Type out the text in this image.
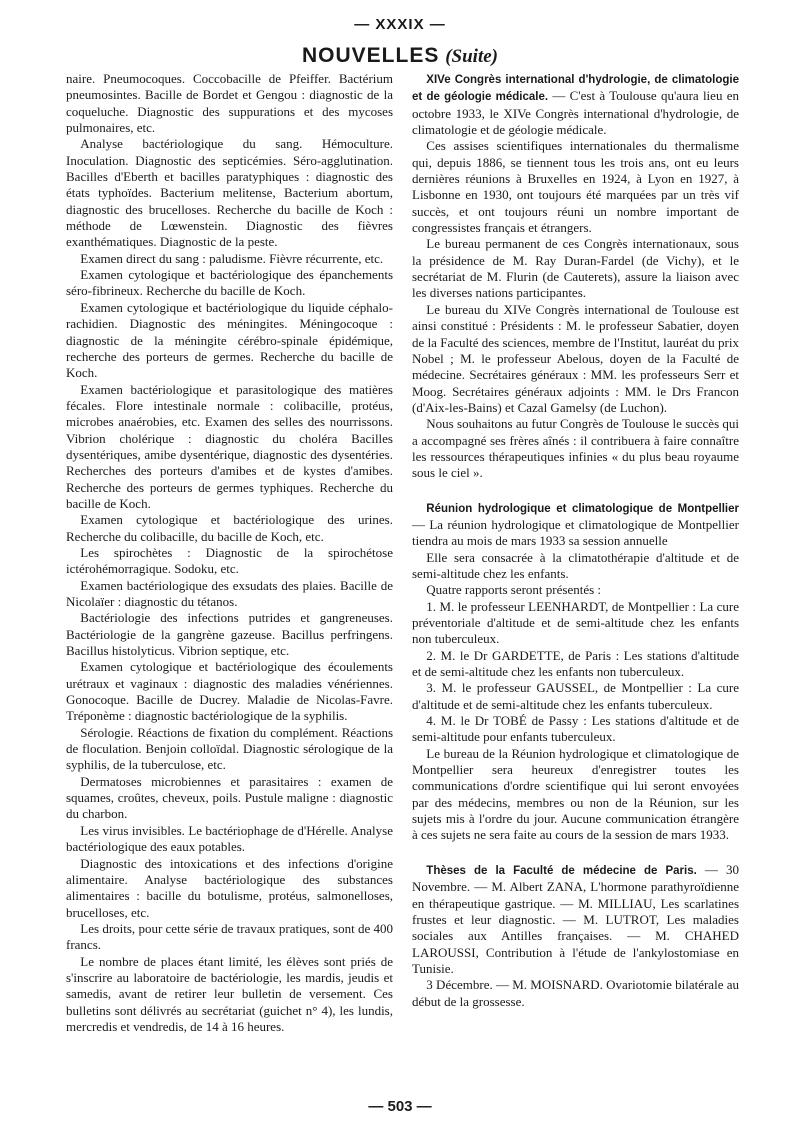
— XXXIX —
NOUVELLES (Suite)

naire. Pneumocoques. Coccobacille de Pfeiffer. Bactérium pneumosintes. Bacille de Bordet et Gengou : diagnostic de la coqueluche. Diagnostic des suppurations et des mycoses pulmonaires, etc.

Analyse bactériologique du sang. Hémoculture. Inoculation. Diagnostic des septicémies. Séro-agglutination. Bacilles d'Eberth et bacilles paratyphiques : diagnostic des états typhoïdes. Bacterium melitense, Bacterium abortum, diagnostic des brucelloses. Recherche du bacille de Koch : méthode de Lœwenstein. Diagnostic des fièvres exanthématiques. Diagnostic de la peste.

Examen direct du sang : paludisme. Fièvre récurrente, etc.

Examen cytologique et bactériologique des épanchements séro-fibrineux. Recherche du bacille de Koch.

Examen cytologique et bactériologique du liquide céphalo-rachidien. Diagnostic des méningites. Méningocoque : diagnostic de la méningite cérébro-spinale épidémique, recherche des porteurs de germes. Recherche du bacille de Koch.

Examen bactériologique et parasitologique des matières fécales. Flore intestinale normale : colibacille, protéus, microbes anaérobies, etc. Examen des selles des nourrissons. Vibrion cholérique : diagnostic du choléra Bacilles dysentériques, amibe dysentérique, diagnostic des dysentéries. Recherches des porteurs d'amibes et de kystes d'amibes. Recherche des porteurs de germes typhiques. Recherche du bacille de Koch.

Examen cytologique et bactériologique des urines. Recherche du colibacille, du bacille de Koch, etc.

Les spirochètes : Diagnostic de la spirochétose ictérohémorragique. Sodoku, etc.

Examen bactériologique des exsudats des plaies. Bacille de Nicolaïer : diagnostic du tétanos.

Bactériologie des infections putrides et gangreneuses. Bactériologie de la gangrène gazeuse. Bacillus perfringens. Bacillus histolyticus. Vibrion septique, etc.

Examen cytologique et bactériologique des écoulements urétraux et vaginaux : diagnostic des maladies vénériennes. Gonocoque. Bacille de Ducrey. Maladie de Nicolas-Favre. Tréponème : diagnostic bactériologique de la syphilis.

Sérologie. Réactions de fixation du complément. Réactions de floculation. Benjoin colloïdal. Diagnostic sérologique de la syphilis, de la tuberculose, etc.

Dermatoses microbiennes et parasitaires : examen de squames, croûtes, cheveux, poils. Pustule maligne : diagnostic du charbon.

Les virus invisibles. Le bactériophage de d'Hérelle. Analyse bactériologique des eaux potables.

Diagnostic des intoxications et des infections d'origine alimentaire. Analyse bactériologique des substances alimentaires : bacille du botulisme, protéus, salmonelloses, brucelloses, etc.

Les droits, pour cette série de travaux pratiques, sont de 400 francs.

Le nombre de places étant limité, les élèves sont priés de s'inscrire au laboratoire de bactériologie, les mardis, jeudis et samedis, avant de retirer leur bulletin de versement. Ces bulletins sont délivrés au secrétariat (guichet n° 4), les lundis, mercredis et vendredis, de 14 à 16 heures.

XIVe Congrès international d'hydrologie, de climatologie et de géologie médicale. — C'est à Toulouse qu'aura lieu en octobre 1933, le XIVe Congrès international d'hydrologie, de climatologie et de géologie médicale.

Ces assises scientifiques internationales du thermalisme qui, depuis 1886, se tiennent tous les trois ans, ont eu leurs dernières réunions à Bruxelles en 1924, à Lyon en 1927, à Lisbonne en 1930, ont toujours été marquées par un très vif succès, et ont toujours réuni un nombre important de congressistes français et étrangers.

Le bureau permanent de ces Congrès internationaux, sous la présidence de M. Ray Duran-Fardel (de Vichy), et le secrétariat de M. Flurin (de Cauterets), assure la liaison avec les diverses nations participantes.

Le bureau du XIVe Congrès international de Toulouse est ainsi constitué : Présidents : M. le professeur Sabatier, doyen de la Faculté des sciences, membre de l'Institut, lauréat du prix Nobel ; M. le professeur Abelous, doyen de la Faculté de médecine. Secrétaires généraux : MM. les professeurs Serr et Moog. Secrétaires généraux adjoints : MM. le Drs Francon (d'Aix-les-Bains) et Cazal Gamelsy (de Luchon).

Nous souhaitons au futur Congrès de Toulouse le succès qui a accompagné ses frères aînés : il contribuera à faire connaître les ressources thérapeutiques infinies « du plus beau royaume sous le ciel ».

Réunion hydrologique et climatologique de Montpellier — La réunion hydrologique et climatologique de Montpellier tiendra au mois de mars 1933 sa session annuelle

Elle sera consacrée à la climatothérapie d'altitude et de semi-altitude chez les enfants.

Quatre rapports seront présentés :

1. M. le professeur LEENHARDT, de Montpellier : La cure préventoriale d'altitude et de semi-altitude chez les enfants non tuberculeux.

2. M. le Dr GARDETTE, de Paris : Les stations d'altitude et de semi-altitude chez les enfants non tuberculeux.

3. M. le professeur GAUSSEL, de Montpellier : La cure d'altitude et de semi-altitude chez les enfants tuberculeux.

4. M. le Dr TOBÉ de Passy : Les stations d'altitude et de semi-altitude pour enfants tuberculeux.

Le bureau de la Réunion hydrologique et climatologique de Montpellier sera heureux d'enregistrer toutes les communications d'ordre scientifique qui lui seront envoyées par des médecins, membres ou non de la Réunion, sur les sujets mis à l'ordre du jour. Aucune communication étrangère à ces sujets ne sera faite au cours de la session de mars 1933.

Thèses de la Faculté de médecine de Paris. — 30 Novembre. — M. Albert ZANA, L'hormone parathyroïdienne en thérapeutique gastrique. — M. MILLIAU, Les scarlatines frustes et leur diagnostic. — M. LUTROT, Les maladies sociales aux Antilles françaises. — M. CHAHED LAROUSSI, Contribution à l'étude de l'ankylostomiase en Tunisie.

3 Décembre. — M. MOISNARD. Ovariotomie bilatérale au début de la grossesse.

— 503 —
